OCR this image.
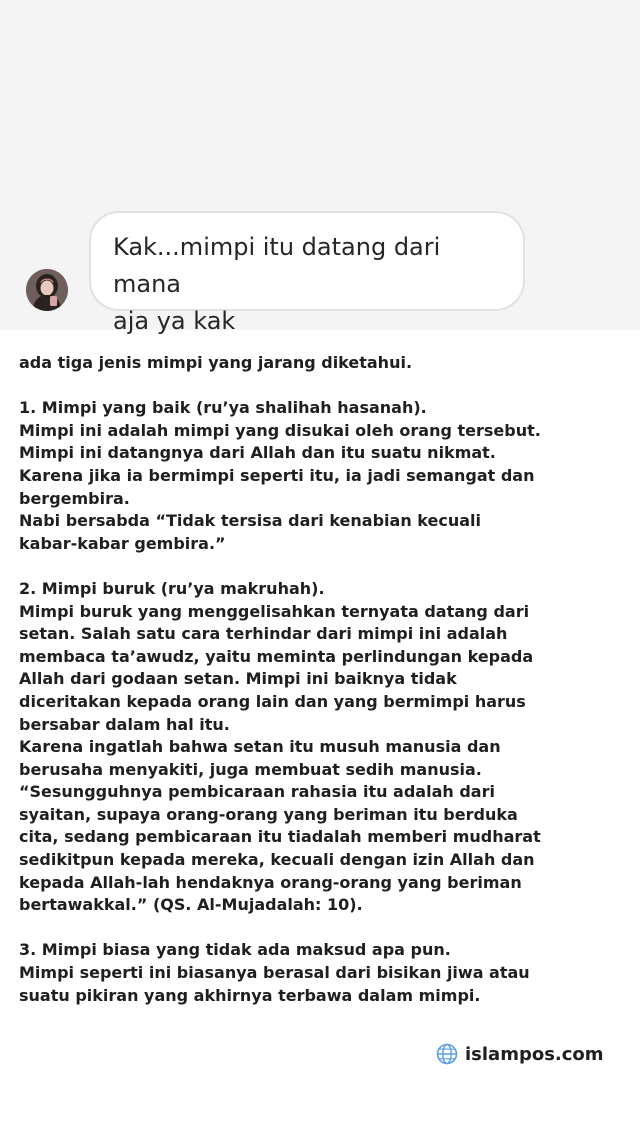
Kak...mimpi itu datang dari mana
aja ya kak

ada tiga jenis mimpi yang jarang diketahui.

1. Mimpi yang baik (ru’ya shalihah hasanah).
Mimpi ini adalah mimpi yang disukai oleh orang tersebut.
Mimpi ini datangnya dari Allah dan itu suatu nikmat.
Karena jika ia bermimpi seperti itu, ia jadi semangat dan
bergembira.
Nabi bersabda “Tidak tersisa dari kenabian kecuali
kabar-kabar gembira.”

2. Mimpi buruk (ru’ya makruhah).
Mimpi buruk yang menggelisahkan ternyata datang dari
setan. Salah satu cara terhindar dari mimpi ini adalah
membaca ta’awudz, yaitu meminta perlindungan kepada
Allah dari godaan setan. Mimpi ini baiknya tidak
diceritakan kepada orang lain dan yang bermimpi harus
bersabar dalam hal itu.
Karena ingatlah bahwa setan itu musuh manusia dan
berusaha menyakiti, juga membuat sedih manusia.
“Sesungguhnya pembicaraan rahasia itu adalah dari
syaitan, supaya orang-orang yang beriman itu berduka
cita, sedang pembicaraan itu tiadalah memberi mudharat
sedikitpun kepada mereka, kecuali dengan izin Allah dan
kepada Allah-lah hendaknya orang-orang yang beriman
bertawakkal.” (QS. Al-Mujadalah: 10).

3. Mimpi biasa yang tidak ada maksud apa pun.
Mimpi seperti ini biasanya berasal dari bisikan jiwa atau
suatu pikiran yang akhirnya terbawa dalam mimpi.

islampos.com
